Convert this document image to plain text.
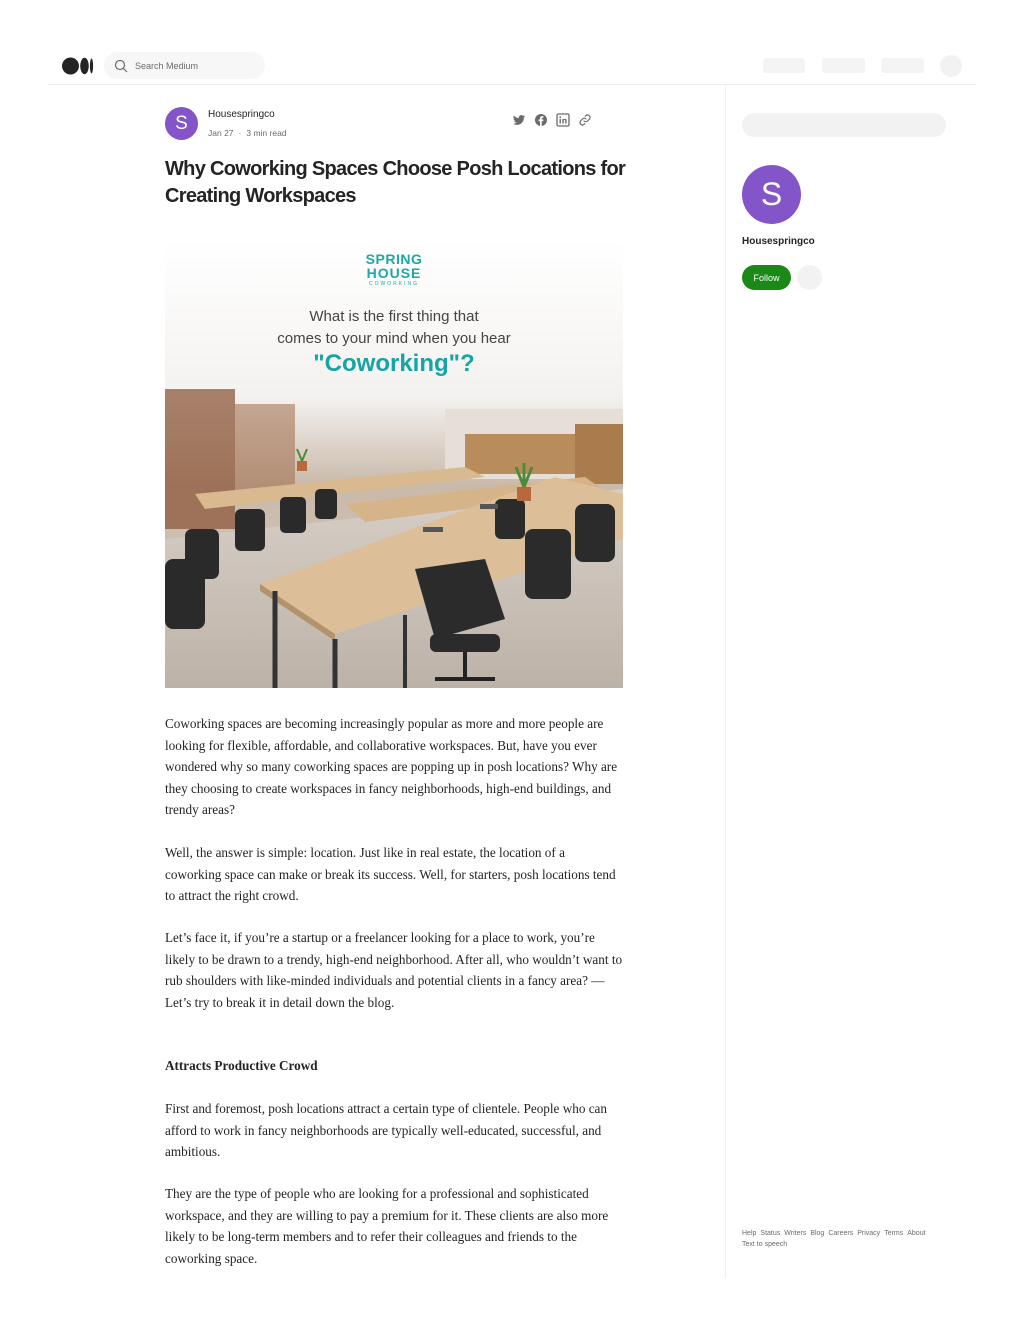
Search Medium
S	Housespringco
Jan 27 · 3 min read
Why Coworking Spaces Choose Posh Locations for Creating Workspaces
SPRING
HOUSE
COWORKING
What is the first thing that
comes to your mind when you hear
"Coworking"?

Coworking spaces are becoming increasingly popular as more and more people are looking for flexible, affordable, and collaborative workspaces. But, have you ever wondered why so many coworking spaces are popping up in posh locations? Why are they choosing to create workspaces in fancy neighborhoods, high-end buildings, and trendy areas?

Well, the answer is simple: location. Just like in real estate, the location of a coworking space can make or break its success. Well, for starters, posh locations tend to attract the right crowd.

Let’s face it, if you’re a startup or a freelancer looking for a place to work, you’re likely to be drawn to a trendy, high-end neighborhood. After all, who wouldn’t want to rub shoulders with like-minded individuals and potential clients in a fancy area? — Let’s try to break it in detail down the blog.

Attracts Productive Crowd

First and foremost, posh locations attract a certain type of clientele. People who can afford to work in fancy neighborhoods are typically well-educated, successful, and ambitious.

They are the type of people who are looking for a professional and sophisticated workspace, and they are willing to pay a premium for it. These clients are also more likely to be long-term members and to refer their colleagues and friends to the coworking space.

S
Housespringco
Follow
Help Status Writers Blog Careers Privacy Terms About
Text to speech
